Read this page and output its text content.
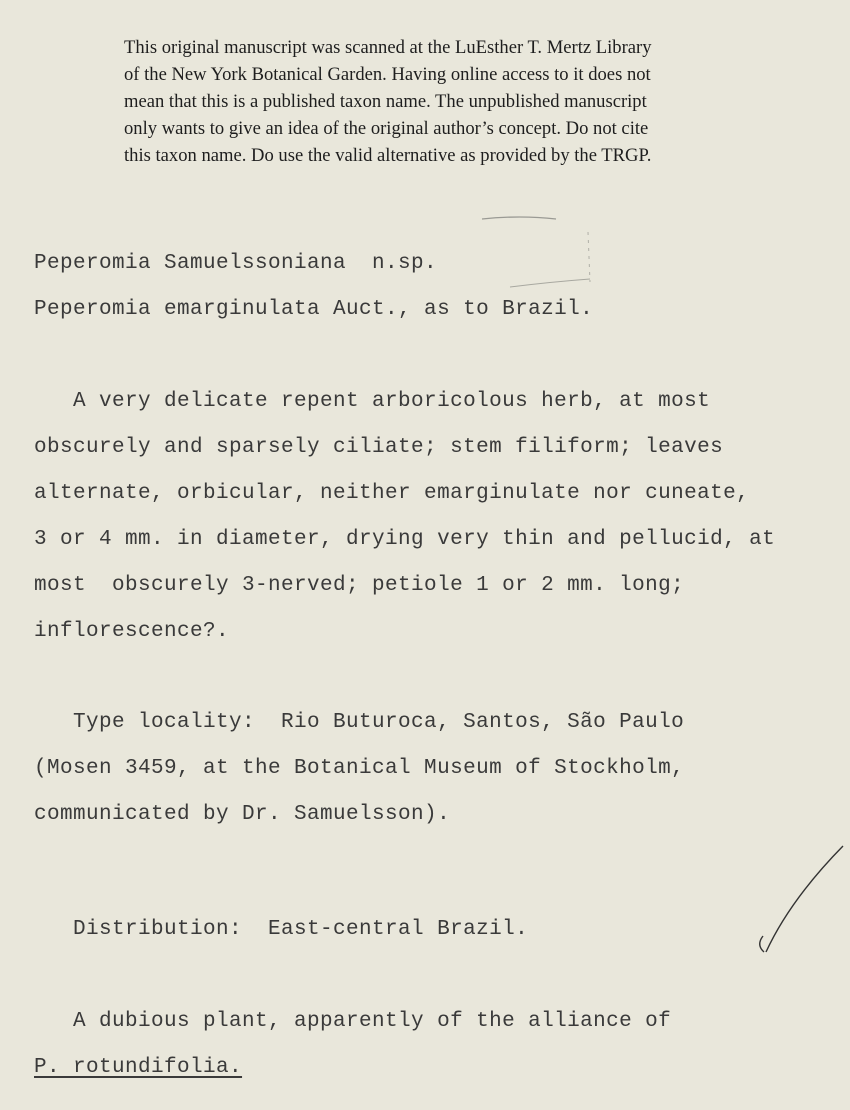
This original manuscript was scanned at the LuEsther T. Mertz Library
of the New York Botanical Garden. Having online access to it does not
mean that this is a published taxon name. The unpublished manuscript
only wants to give an idea of the original author’s concept. Do not cite
this taxon name. Do use the valid alternative as provided by the TRGP.
Peperomia Samuelssoniana  n.sp.
Peperomia emarginulata Auct., as to Brazil.
A very delicate repent arboricolous herb, at most
obscurely and sparsely ciliate; stem filiform; leaves
alternate, orbicular, neither emarginulate nor cuneate,
3 or 4 mm. in diameter, drying very thin and pellucid, at
most  obscurely 3-nerved; petiole 1 or 2 mm. long;
inflorescence?.
Type locality:  Rio Buturoca, Santos, São Paulo
(Mosen 3459, at the Botanical Museum of Stockholm,
communicated by Dr. Samuelsson).
Distribution:  East-central Brazil.
A dubious plant, apparently of the alliance of
P. rotundifolia.
